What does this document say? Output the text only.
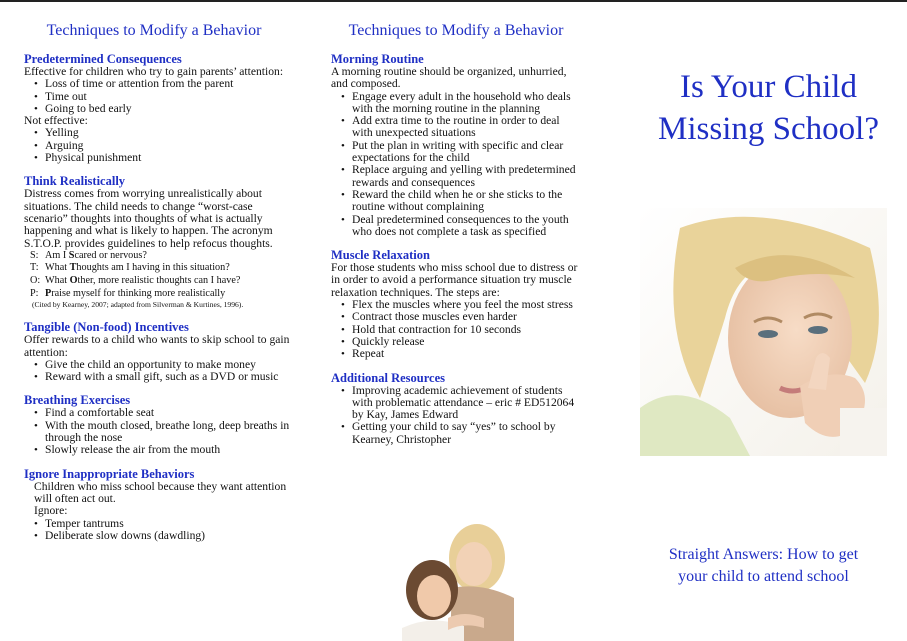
Techniques to Modify a Behavior
Predetermined Consequences

Effective for children who try to gain parents’ attention:

• Loss of time or attention from the parent
• Time out
• Going to bed early

Not effective:

• Yelling
• Arguing
• Physical punishment
Think Realistically

Distress comes from worrying unrealistically about situations. The child needs to change “worst-case scenario” thoughts into thoughts of what is actually happening and what is likely to happen. The acronym S.T.O.P. provides guidelines to help refocus thoughts.

S: Am I Scared or nervous?
T: What Thoughts am I having in this situation?
O: What Other, more realistic thoughts can I have?
P: Praise myself for thinking more realistically
(Cited by Kearney, 2007; adapted from Silverman & Kurtines, 1996).
Tangible (Non-food) Incentives

Offer rewards to a child who wants to skip school to gain attention:

• Give the child an opportunity to make money
• Reward with a small gift, such as a DVD or music
Breathing Exercises
• Find a comfortable seat
• With the mouth closed, breathe long, deep breaths in through the nose
• Slowly release the air from the mouth
Ignore Inappropriate Behaviors

Children who miss school because they want attention will often act out.

Ignore:

• Temper tantrums
• Deliberate slow downs (dawdling)
Techniques to Modify a Behavior
Morning Routine

A morning routine should be organized, unhurried, and composed.

• Engage every adult in the household who deals with the morning routine in the planning
• Add extra time to the routine in order to deal with unexpected situations
• Put the plan in writing with specific and clear expectations for the child
• Replace arguing and yelling with predetermined rewards and consequences
• Reward the child when he or she sticks to the routine without complaining
• Deal predetermined consequences to the youth who does not complete a task as specified
Muscle Relaxation

For those students who miss school due to distress or in order to avoid a performance situation try muscle relaxation techniques. The steps are:

• Flex the muscles where you feel the most stress
• Contract those muscles even harder
• Hold that contraction for 10 seconds
• Quickly release
• Repeat
Additional Resources
• Improving academic achievement of students with problematic attendance – eric # ED512064 by Kay, James Edward
• Getting your child to say “yes” to school by Kearney, Christopher
Is Your Child
Missing School?
Straight Answers: How to get
your child to attend school
